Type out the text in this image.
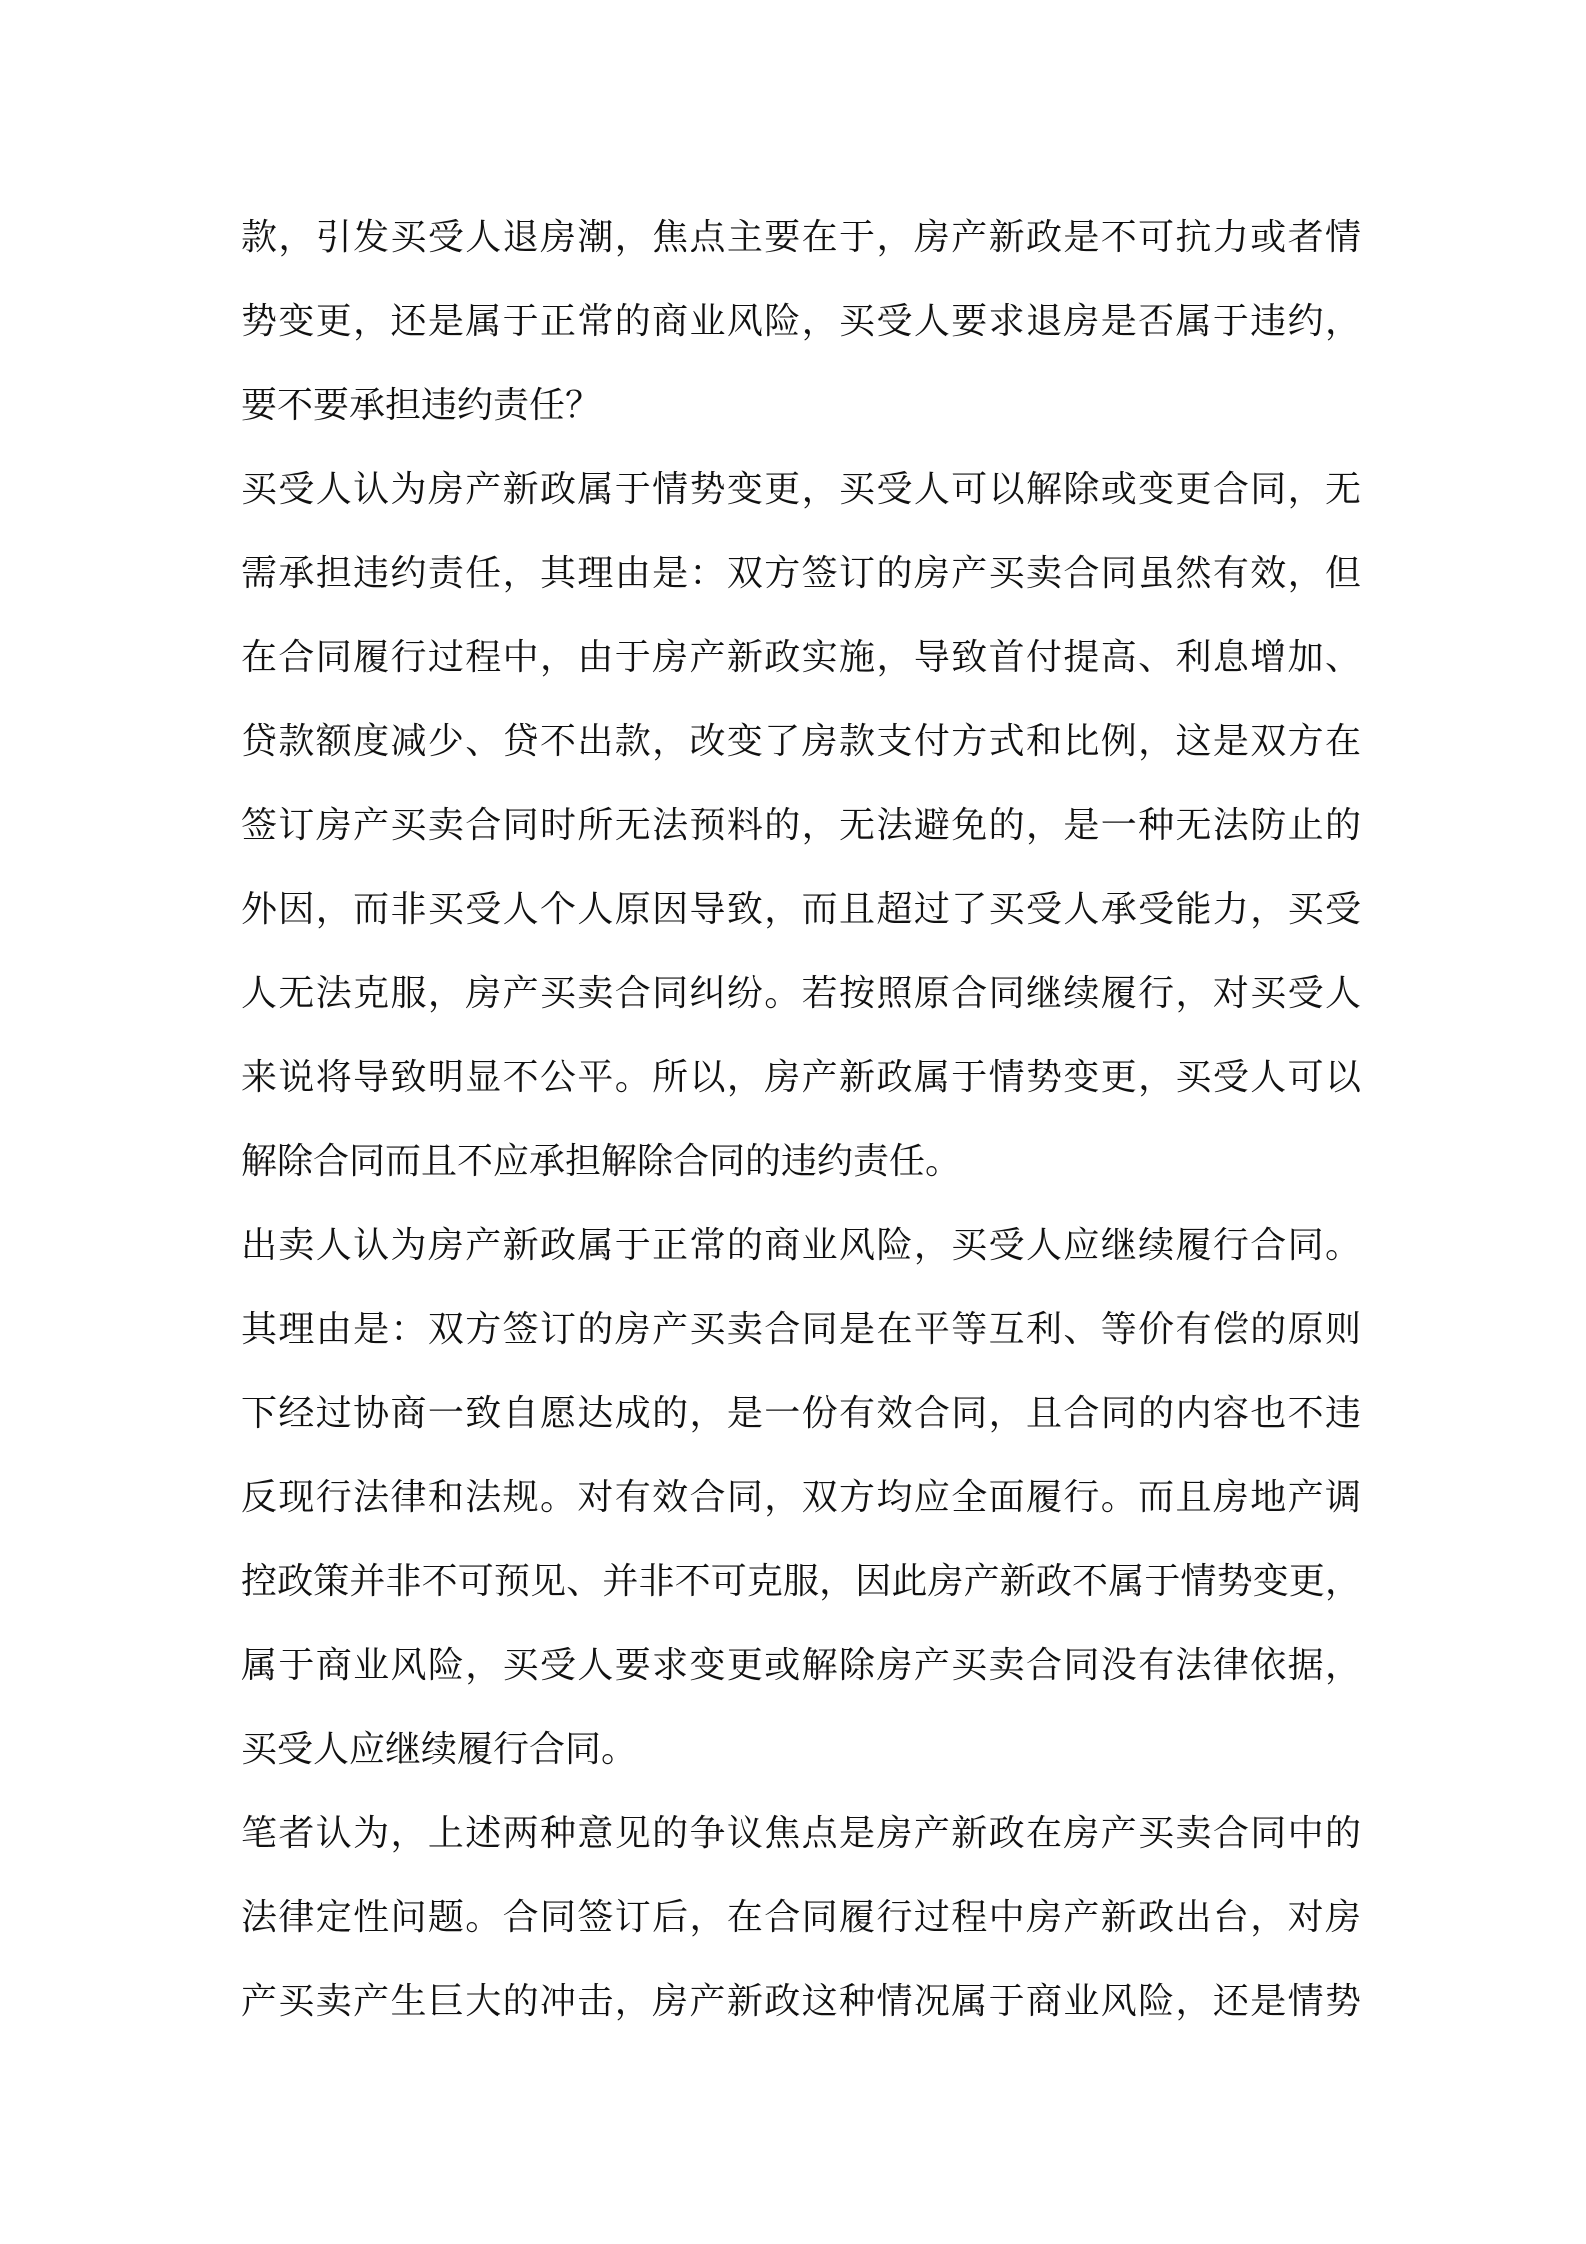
款，引发买受人退房潮，焦点主要在于，房产新政是不可抗力或者情
势变更，还是属于正常的商业风险，买受人要求退房是否属于违约，
要不要承担违约责任？
买受人认为房产新政属于情势变更，买受人可以解除或变更合同，无
需承担违约责任，其理由是：双方签订的房产买卖合同虽然有效，但
在合同履行过程中，由于房产新政实施，导致首付提高、利息增加、
贷款额度减少、贷不出款，改变了房款支付方式和比例，这是双方在
签订房产买卖合同时所无法预料的，无法避免的，是一种无法防止的
外因，而非买受人个人原因导致，而且超过了买受人承受能力，买受
人无法克服，房产买卖合同纠纷。若按照原合同继续履行，对买受人
来说将导致明显不公平。所以，房产新政属于情势变更，买受人可以
解除合同而且不应承担解除合同的违约责任。
出卖人认为房产新政属于正常的商业风险，买受人应继续履行合同。
其理由是：双方签订的房产买卖合同是在平等互利、等价有偿的原则
下经过协商一致自愿达成的，是一份有效合同，且合同的内容也不违
反现行法律和法规。对有效合同，双方均应全面履行。而且房地产调
控政策并非不可预见、并非不可克服，因此房产新政不属于情势变更，
属于商业风险，买受人要求变更或解除房产买卖合同没有法律依据，
买受人应继续履行合同。
笔者认为，上述两种意见的争议焦点是房产新政在房产买卖合同中的
法律定性问题。合同签订后，在合同履行过程中房产新政出台，对房
产买卖产生巨大的冲击，房产新政这种情况属于商业风险，还是情势
